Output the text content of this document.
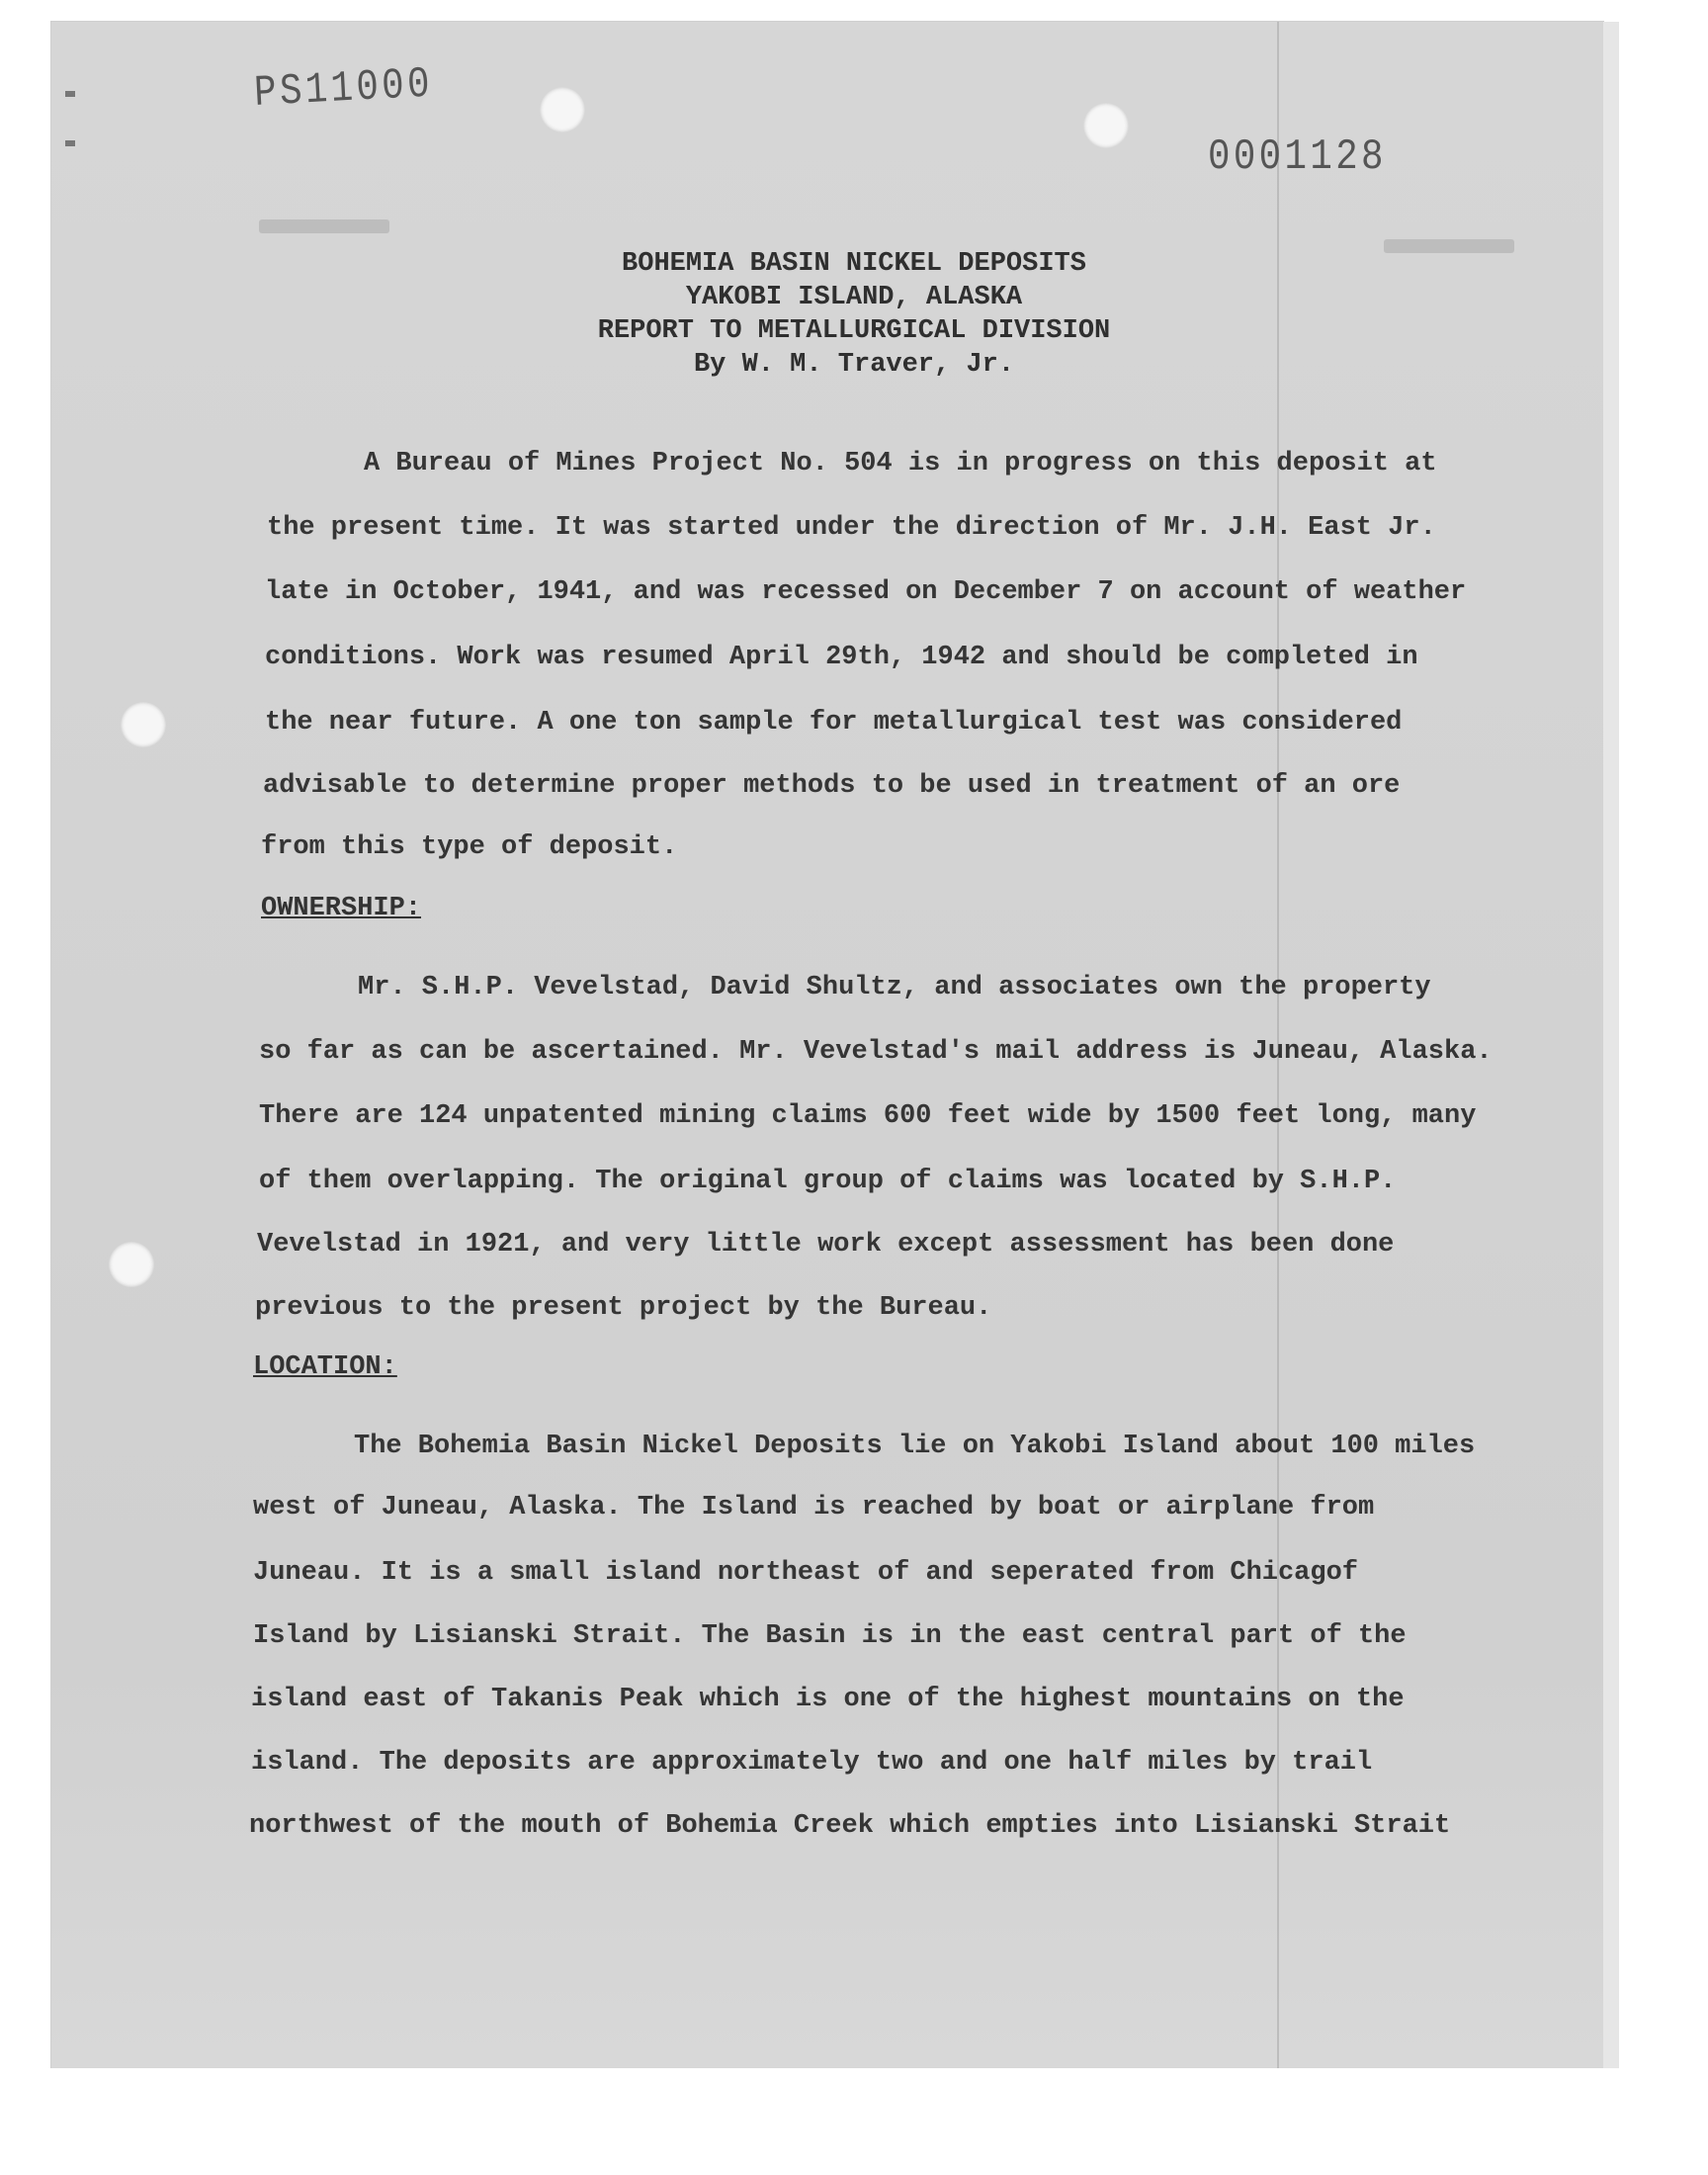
PS11000
0001128
BOHEMIA BASIN NICKEL DEPOSITS
YAKOBI ISLAND, ALASKA
REPORT TO METALLURGICAL DIVISION
By W. M. Traver, Jr.
A Bureau of Mines Project No. 504 is in progress on this deposit at
the present time. It was started under the direction of Mr. J.H. East Jr.
late in October, 1941, and was recessed on December 7 on account of weather
conditions. Work was resumed April 29th, 1942 and should be completed in
the near future. A one ton sample for metallurgical test was considered
advisable to determine proper methods to be used in treatment of an ore
from this type of deposit.
OWNERSHIP:
Mr. S.H.P. Vevelstad, David Shultz, and associates own the property
so far as can be ascertained. Mr. Vevelstad's mail address is Juneau, Alaska.
There are 124 unpatented mining claims 600 feet wide by 1500 feet long, many
of them overlapping. The original group of claims was located by S.H.P.
Vevelstad in 1921, and very little work except assessment has been done
previous to the present project by the Bureau.
LOCATION:
The Bohemia Basin Nickel Deposits lie on Yakobi Island about 100 miles
west of Juneau, Alaska. The Island is reached by boat or airplane from
Juneau. It is a small island northeast of and seperated from Chicagof
Island by Lisianski Strait. The Basin is in the east central part of the
island east of Takanis Peak which is one of the highest mountains on the
island. The deposits are approximately two and one half miles by trail
northwest of the mouth of Bohemia Creek which empties into Lisianski Strait
